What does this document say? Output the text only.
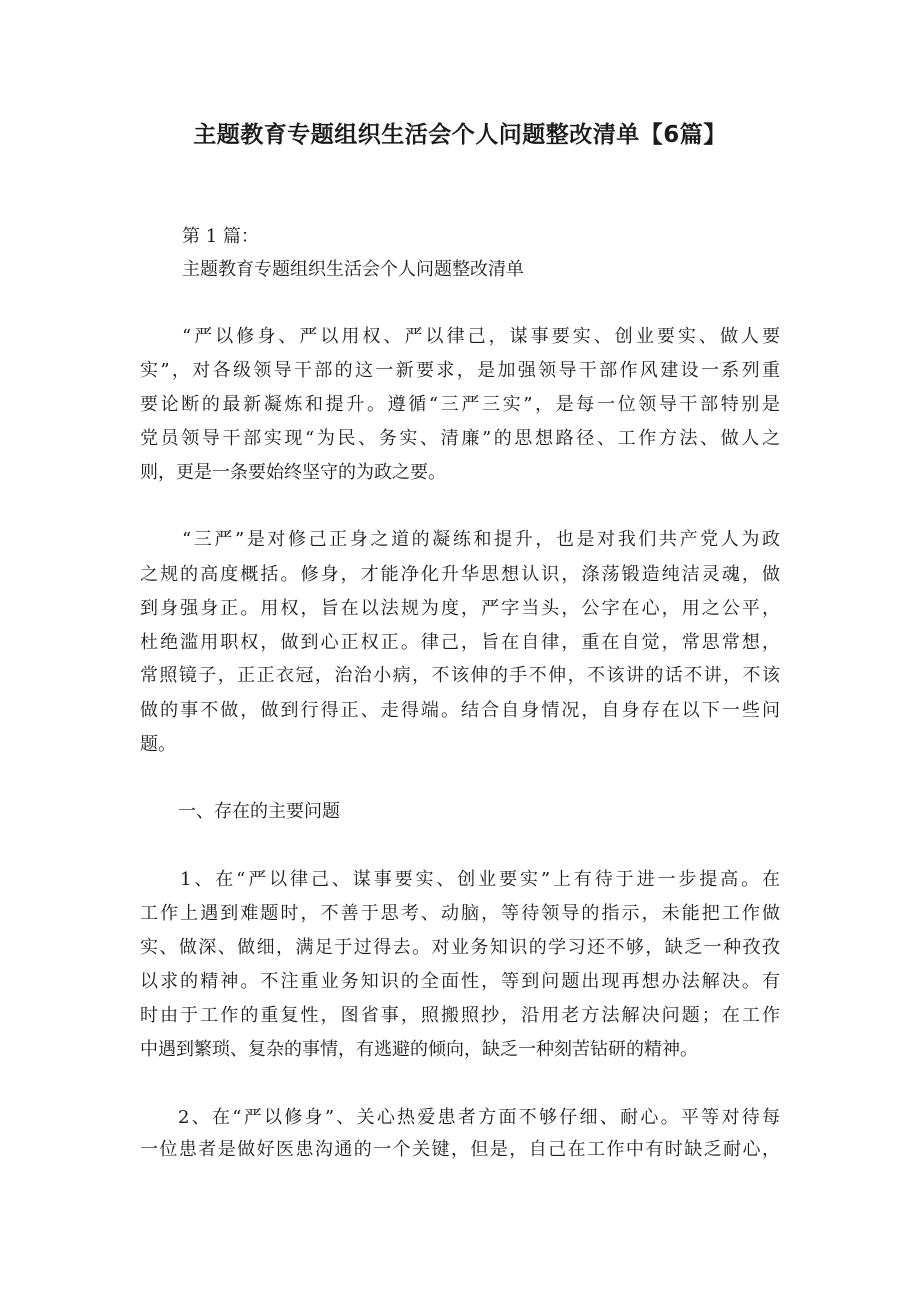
主题教育专题组织生活会个人问题整改清单【6篇】
第 1 篇：
主题教育专题组织生活会个人问题整改清单
“严以修身、严以用权、严以律己，谋事要实、创业要实、做人要
实”，对各级领导干部的这一新要求，是加强领导干部作风建设一系列重
要论断的最新凝炼和提升。遵循“三严三实”，是每一位领导干部特别是
党员领导干部实现“为民、务实、清廉”的思想路径、工作方法、做人之
则，更是一条要始终坚守的为政之要。
“三严”是对修己正身之道的凝练和提升，也是对我们共产党人为政
之规的高度概括。修身，才能净化升华思想认识，涤荡锻造纯洁灵魂，做
到身强身正。用权，旨在以法规为度，严字当头，公字在心，用之公平，
杜绝滥用职权，做到心正权正。律己，旨在自律，重在自觉，常思常想，
常照镜子，正正衣冠，治治小病，不该伸的手不伸，不该讲的话不讲，不该
做的事不做，做到行得正、走得端。结合自身情况，自身存在以下一些问
题。
一、存在的主要问题
1、在“严以律己、谋事要实、创业要实”上有待于进一步提高。在
工作上遇到难题时，不善于思考、动脑，等待领导的指示，未能把工作做
实、做深、做细，满足于过得去。对业务知识的学习还不够，缺乏一种孜孜
以求的精神。不注重业务知识的全面性，等到问题出现再想办法解决。有
时由于工作的重复性，图省事，照搬照抄，沿用老方法解决问题；在工作
中遇到繁琐、复杂的事情，有逃避的倾向，缺乏一种刻苦钻研的精神。
2、在“严以修身”、关心热爱患者方面不够仔细、耐心。平等对待每
一位患者是做好医患沟通的一个关键，但是，自己在工作中有时缺乏耐心，
